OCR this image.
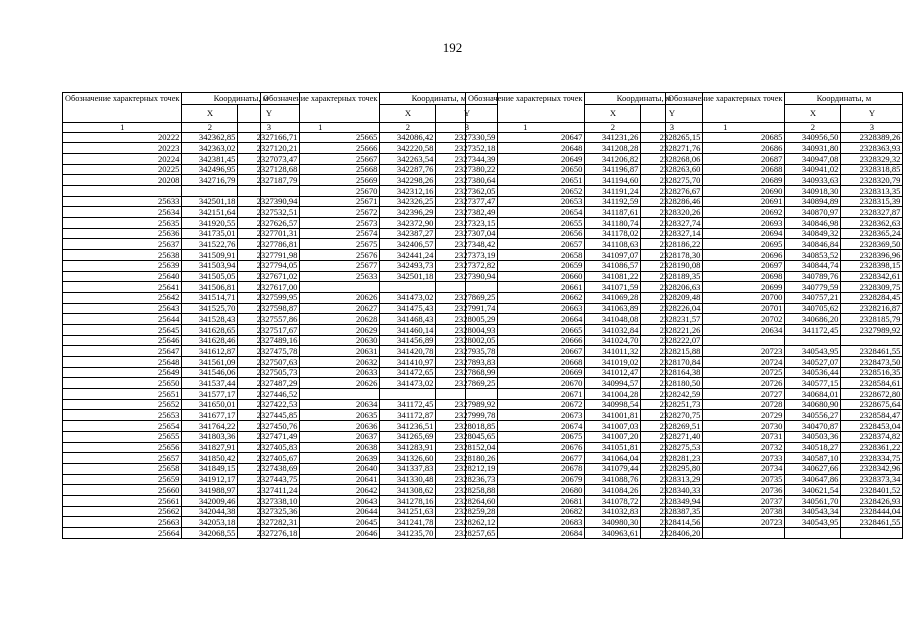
192
Обозначение характерных точек	Координаты, м	
	X	Y
1	2	3
20222	342362,85	2327166,71
20223	342363,02	2327120,21
20224	342381,45	2327073,47
20225	342496,95	2327128,68
20208	342716,79	2327187,79

25633	342501,18	2327390,94
25634	342151,64	2327532,51
25635	341920,55	2327626,57
25636	341735,01	2327701,31
25637	341522,76	2327786,81
25638	341509,91	2327791,98
25639	341503,94	2327794,05
25640	341505,05	2327671,02
25641	341506,81	2327617,00
25642	341514,71	2327599,95
25643	341525,70	2327598,87
25644	341528,43	2327557,86
25645	341628,65	2327517,67
25646	341628,46	2327489,16
25647	341612,87	2327475,78
25648	341561,09	2327507,63
25649	341546,06	2327505,73
25650	341537,44	2327487,29
25651	341577,17	2327446,52
25652	341650,01	2327422,53
25653	341677,17	2327445,85
25654	341764,22	2327450,76
25655	341803,36	2327471,49
25656	341827,91	2327405,83
25657	341850,42	2327405,67
25658	341849,15	2327438,69
25659	341912,17	2327443,75
25660	341988,97	2327411,24
25661	342009,46	2327338,10
25662	342044,38	2327325,36
25663	342053,18	2327282,31
25664	342068,55	2327276,18
Обозначение характерных точек	Координаты, м	
	X	Y
1	2	3
25665	342086,42	2327330,59
25666	342220,58	2327352,18
25667	342263,54	2327344,39
25668	342287,76	2327380,22
25669	342298,26	2327380,64
25670	342312,16	2327362,05
25671	342326,25	2327377,47
25672	342396,29	2327382,49
25673	342372,90	2327323,15
25674	342387,27	2327307,04
25675	342406,57	2327348,42
25676	342441,24	2327373,19
25677	342493,73	2327372,82
25633	342501,18	2327390,94

20626	341473,02	2327869,25
20627	341475,43	2327991,74
20628	341468,43	2328005,29
20629	341460,14	2328004,93
20630	341456,89	2328002,05
20631	341420,78	2327935,78
20632	341410,97	2327893,83
20633	341472,65	2327868,99
20626	341473,02	2327869,25

20634	341172,45	2327989,92
20635	341172,87	2327999,78
20636	341236,51	2328018,85
20637	341265,69	2328045,65
20638	341283,91	2328152,04
20639	341326,60	2328180,26
20640	341337,83	2328212,19
20641	341330,48	2328236,73
20642	341308,62	2328258,88
20643	341278,16	2328264,60
20644	341251,63	2328259,28
20645	341241,78	2328262,12
20646	341235,70	2328257,65
Обозначение характерных точек	Координаты, м	
	X	Y
1	2	3
20647	341231,26	2328265,15
20648	341208,28	2328271,76
20649	341206,82	2328268,06
20650	341196,87	2328263,60
20651	341194,60	2328275,70
20652	341191,24	2328276,67
20653	341192,59	2328286,46
20654	341187,61	2328320,26
20655	341180,74	2328327,74
20656	341178,02	2328327,14
20657	341108,63	2328186,22
20658	341097,07	2328178,30
20659	341086,57	2328190,08
20660	341081,22	2328189,35
20661	341071,59	2328206,63
20662	341069,28	2328209,48
20663	341063,89	2328226,04
20664	341048,08	2328231,57
20665	341032,84	2328221,26
20666	341024,70	2328222,07
20667	341011,32	2328215,88
20668	341019,02	2328170,84
20669	341012,47	2328164,38
20670	340994,57	2328180,50
20671	341004,28	2328242,59
20672	340998,54	2328251,73
20673	341001,81	2328270,75
20674	341007,03	2328269,51
20675	341007,20	2328271,40
20676	341051,81	2328275,53
20677	341064,04	2328281,23
20678	341079,44	2328295,80
20679	341088,76	2328313,29
20680	341084,26	2328340,33
20681	341078,72	2328349,94
20682	341032,83	2328387,35
20683	340980,30	2328414,56
20684	340963,61	2328406,20
Обозначение характерных точек	Координаты, м	
	X	Y
1	2	3
20685	340956,50	2328389,26
20686	340931,80	2328363,93
20687	340947,08	2328329,32
20688	340941,02	2328318,85
20689	340933,63	2328320,79
20690	340918,30	2328313,35
20691	340894,89	2328315,39
20692	340870,97	2328327,87
20693	340846,98	2328362,63
20694	340849,32	2328365,24
20695	340846,84	2328369,50
20696	340853,52	2328396,96
20697	340844,74	2328398,15
20698	340789,76	2328342,61
20699	340779,59	2328309,75
20700	340757,21	2328284,45
20701	340705,62	2328216,87
20702	340686,20	2328185,79
20634	341172,45	2327989,92

20723	340543,95	2328461,55
20724	340527,07	2328473,50
20725	340536,44	2328516,35
20726	340577,15	2328584,61
20727	340684,01	2328672,80
20728	340680,90	2328675,64
20729	340556,27	2328584,47
20730	340470,87	2328453,04
20731	340503,36	2328374,82
20732	340518,27	2328361,22
20733	340587,10	2328334,75
20734	340627,66	2328342,96
20735	340647,86	2328373,34
20736	340621,54	2328401,52
20737	340561,70	2328426,93
20738	340543,34	2328444,04
20723	340543,95	2328461,55
